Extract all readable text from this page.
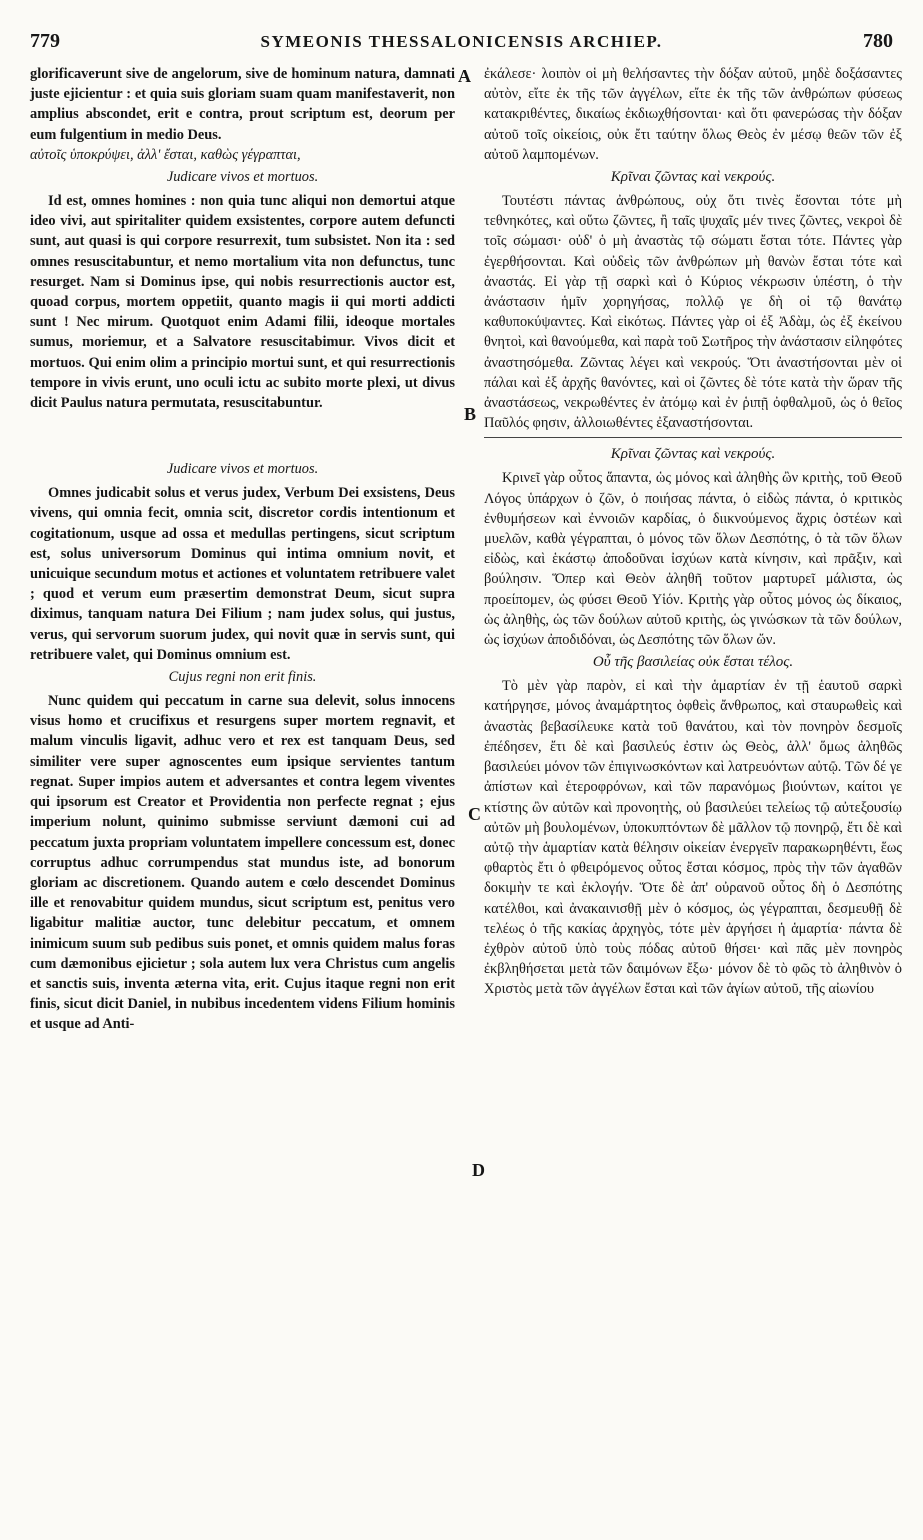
779	SYMEONIS THESSALONICENSIS ARCHIEP.	780
A
B
C
D

glorificaverunt sive de angelorum, sive de hominum natura, damnati juste ejicientur : et quia suis gloriam suam quam manifestaverit, non amplius abscondet, erit e contra, prout scriptum est, deorum per eum fulgentium in medio Deus.

αὐτοῖς ὑποκρύψει, ἀλλ' ἔσται, καθὼς γέγραπται,
Judicare vivos et mortuos.

Id est, omnes homines : non quia tunc aliqui non demortui atque ideo vivi, aut spiritaliter quidem exsistentes, corpore autem defuncti sunt, aut quasi is qui corpore resurrexit, tum subsistet. Non ita : sed omnes resuscitabuntur, et nemo mortalium vita non defunctus, tunc resurget. Nam si Dominus ipse, qui nobis resurrectionis auctor est, quoad corpus, mortem oppetiit, quanto magis ii qui morti addicti sunt ! Nec mirum. Quotquot enim Adami filii, ideoque mortales sumus, moriemur, et a Salvatore resuscitabimur. Vivos dicit et mortuos. Qui enim olim a principio mortui sunt, et qui resurrectionis tempore in vivis erunt, uno oculi ictu ac subito morte plexi, ut divus dicit Paulus natura permutata, resuscitabuntur.

Judicare vivos et mortuos.

Omnes judicabit solus et verus judex, Verbum Dei exsistens, Deus vivens, qui omnia fecit, omnia scit, discretor cordis intentionum et cogitationum, usque ad ossa et medullas pertingens, sicut scriptum est, solus universorum Dominus qui intima omnium novit, et unicuique secundum motus et actiones et voluntatem retribuere valet ; quod et verum eum præsertim demonstrat Deum, sicut supra diximus, tanquam natura Dei Filium ; nam judex solus, qui justus, verus, qui servorum suorum judex, qui novit quæ in servis sunt, qui retribuere valet, qui Dominus omnium est.

Cujus regni non erit finis.

Nunc quidem qui peccatum in carne sua delevit, solus innocens visus homo et crucifixus et resurgens super mortem regnavit, et malum vinculis ligavit, adhuc vero et rex est tanquam Deus, sed similiter vere super agnoscentes eum ipsique servientes tantum regnat. Super impios autem et adversantes et contra legem viventes qui ipsorum est Creator et Providentia non perfecte regnat ; ejus imperium nolunt, quinimo submisse serviunt dæmoni cui ad peccatum juxta propriam voluntatem impellere concessum est, donec corruptus adhuc corrumpendus stat mundus iste, ad bonorum gloriam ac discretionem. Quando autem e cœlo descendet Dominus ille et renovabitur quidem mundus, sicut scriptum est, penitus vero ligabitur malitiæ auctor, tunc delebitur peccatum, et omnem inimicum suum sub pedibus suis ponet, et omnis quidem malus foras cum dæmonibus ejicietur ; sola autem lux vera Christus cum angelis et sanctis suis, inventa æterna vita, erit. Cujus itaque regni non erit finis, sicut dicit Daniel, in nubibus incedentem videns Filium hominis et usque ad Anti-

ἐκάλεσε· λοιπὸν οἱ μὴ θελήσαντες τὴν δόξαν αὐτοῦ, μηδὲ δοξάσαντες αὐτὸν, εἴτε ἐκ τῆς τῶν ἀγγέλων, εἴτε ἐκ τῆς τῶν ἀνθρώπων φύσεως κατακριθέντες, δικαίως ἐκδιωχθήσονται· καὶ ὅτι φανερώσας τὴν δόξαν αὐτοῦ τοῖς οἰκείοις, οὐκ ἔτι ταύτην ὅλως Θεὸς ἐν μέσῳ θεῶν τῶν ἐξ αὐτοῦ λαμπομένων.

Κρῖναι ζῶντας καὶ νεκρούς.

Τουτέστι πάντας ἀνθρώπους, οὐχ ὅτι τινὲς ἔσονται τότε μὴ τεθνηκότες, καὶ οὕτω ζῶντες, ἢ ταῖς ψυχαῖς μέν τινες ζῶντες, νεκροὶ δὲ τοῖς σώμασι· οὐδ' ὁ μὴ ἀναστὰς τῷ σώματι ἔσται τότε. Πάντες γὰρ ἐγερθήσονται. Καὶ οὐδεὶς τῶν ἀνθρώπων μὴ θανὼν ἔσται τότε καὶ ἀναστάς. Εἰ γὰρ τῇ σαρκὶ καὶ ὁ Κύριος νέκρωσιν ὑπέστη, ὁ τὴν ἀνάστασιν ἡμῖν χορηγήσας, πολλῷ γε δὴ οἱ τῷ θανάτῳ καθυποκύψαντες. Καὶ εἰκότως. Πάντες γὰρ οἱ ἐξ Ἀδὰμ, ὡς ἐξ ἐκείνου θνητοὶ, καὶ θανούμεθα, καὶ παρὰ τοῦ Σωτῆρος τὴν ἀνάστασιν εἰληφότες ἀναστησόμεθα. Ζῶντας λέγει καὶ νεκρούς. Ὅτι ἀναστήσονται μὲν οἱ πάλαι καὶ ἐξ ἀρχῆς θανόντες, καὶ οἱ ζῶντες δὲ τότε κατὰ τὴν ὥραν τῆς ἀναστάσεως, νεκρωθέντες ἐν ἀτόμῳ καὶ ἐν ῥιπῇ ὀφθαλμοῦ, ὡς ὁ θεῖος Παῦλός φησιν, ἀλλοιωθέντες ἐξαναστήσονται.

Κρῖναι ζῶντας καὶ νεκρούς.

Κρινεῖ γὰρ οὗτος ἅπαντα, ὡς μόνος καὶ ἀληθὴς ὢν κριτὴς, τοῦ Θεοῦ Λόγος ὑπάρχων ὁ ζῶν, ὁ ποιήσας πάντα, ὁ εἰδὼς πάντα, ὁ κριτικὸς ἐνθυμήσεων καὶ ἐννοιῶν καρδίας, ὁ διικνούμενος ἄχρις ὀστέων καὶ μυελῶν, καθὰ γέγραπται, ὁ μόνος τῶν ὅλων Δεσπότης, ὁ τὰ τῶν ὅλων εἰδὼς, καὶ ἑκάστῳ ἀποδοῦναι ἰσχύων κατὰ κίνησιν, καὶ πρᾶξιν, καὶ βούλησιν. Ὅπερ καὶ Θεὸν ἀληθῆ τοῦτον μαρτυρεῖ μάλιστα, ὡς προείπομεν, ὡς φύσει Θεοῦ Υἱόν. Κριτὴς γὰρ οὗτος μόνος ὡς δίκαιος, ὡς ἀληθὴς, ὡς τῶν δούλων αὐτοῦ κριτὴς, ὡς γινώσκων τὰ τῶν δούλων, ὡς ἰσχύων ἀποδιδόναι, ὡς Δεσπότης τῶν ὅλων ὤν.

Οὗ τῆς βασιλείας οὐκ ἔσται τέλος.

Τὸ μὲν γὰρ παρὸν, εἰ καὶ τὴν ἁμαρτίαν ἐν τῇ ἑαυτοῦ σαρκὶ κατήργησε, μόνος ἀναμάρτητος ὀφθεὶς ἄνθρωπος, καὶ σταυρωθεὶς καὶ ἀναστὰς βεβασίλευκε κατὰ τοῦ θανάτου, καὶ τὸν πονηρὸν δεσμοῖς ἐπέδησεν, ἔτι δὲ καὶ βασιλεύς ἐστιν ὡς Θεὸς, ἀλλ' ὅμως ἀληθῶς βασιλεύει μόνον τῶν ἐπιγινωσκόντων καὶ λατρευόντων αὐτῷ. Τῶν δέ γε ἀπίστων καὶ ἑτεροφρόνων, καὶ τῶν παρανόμως βιούντων, καίτοι γε κτίστης ὢν αὐτῶν καὶ προνοητὴς, οὐ βασιλεύει τελείως τῷ αὐτεξουσίῳ αὐτῶν μὴ βουλομένων, ὑποκυπτόντων δὲ μᾶλλον τῷ πονηρῷ, ἔτι δὲ καὶ αὐτῷ τὴν ἁμαρτίαν κατὰ θέλησιν οἰκείαν ἐνεργεῖν παρακωρηθέντι, ἕως φθαρτὸς ἔτι ὁ φθειρόμενος οὗτος ἔσται κόσμος, πρὸς τὴν τῶν ἀγαθῶν δοκιμὴν τε καὶ ἐκλογήν. Ὅτε δὲ ἀπ' οὐρανοῦ οὗτος δὴ ὁ Δεσπότης κατέλθοι, καὶ ἀνακαινισθῇ μὲν ὁ κόσμος, ὡς γέγραπται, δεσμευθῇ δὲ τελέως ὁ τῆς κακίας ἀρχηγὸς, τότε μὲν ἀργήσει ἡ ἁμαρτία· πάντα δὲ ἐχθρὸν αὐτοῦ ὑπὸ τοὺς πόδας αὐτοῦ θήσει· καὶ πᾶς μὲν πονηρὸς ἐκβληθήσεται μετὰ τῶν δαιμόνων ἔξω· μόνον δὲ τὸ φῶς τὸ ἀληθινὸν ὁ Χριστὸς μετὰ τῶν ἀγγέλων ἔσται καὶ τῶν ἁγίων αὐτοῦ, τῆς αἰωνίου
